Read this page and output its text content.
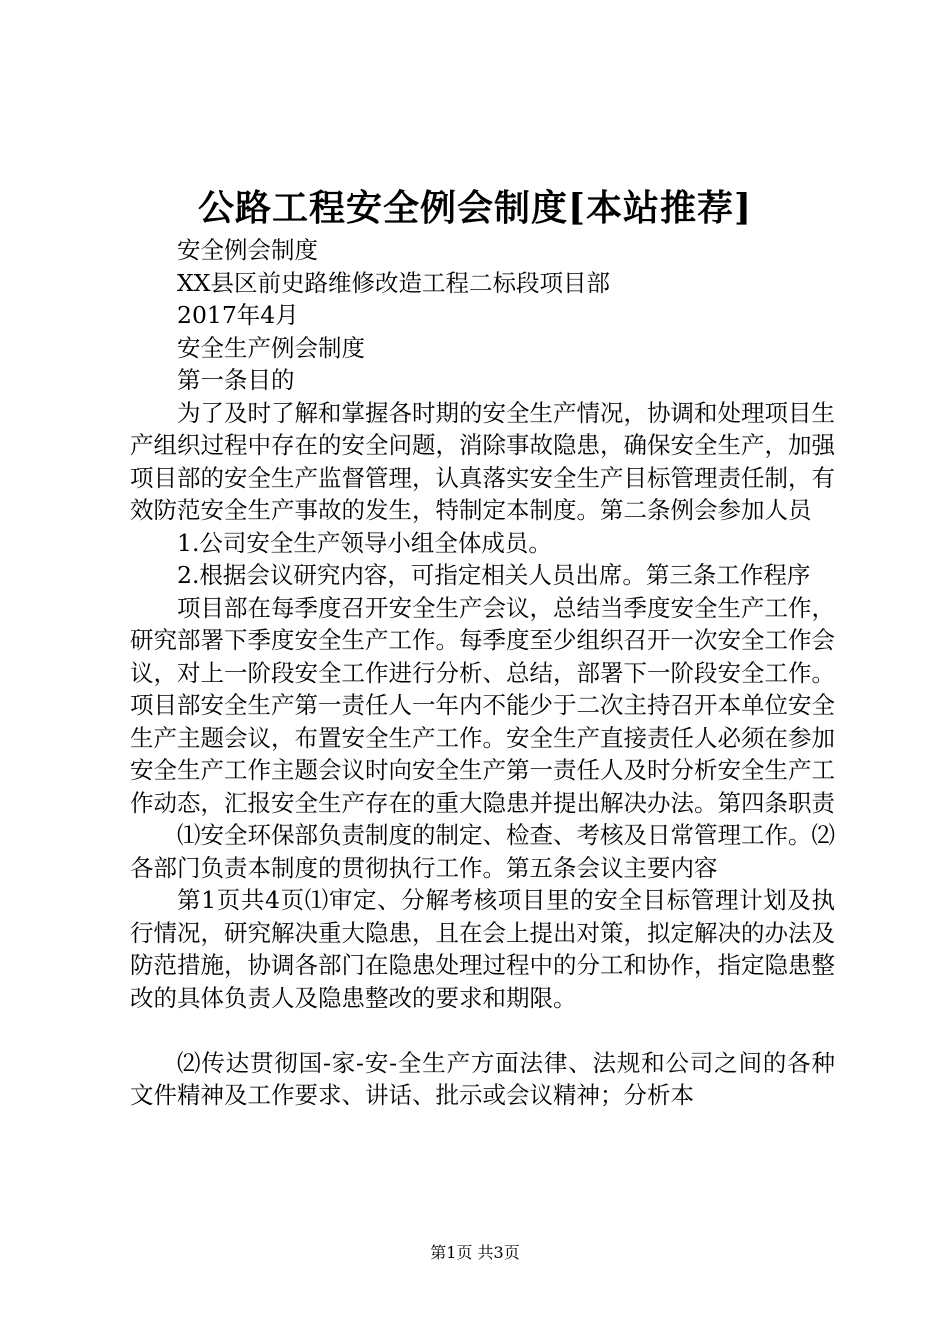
公路工程安全例会制度[本站推荐]

安全例会制度

XX县区前史路维修改造工程二标段项目部

2017年4月

安全生产例会制度

第一条目的

为了及时了解和掌握各时期的安全生产情况，协调和处理项目生产组织过程中存在的安全问题，消除事故隐患，确保安全生产，加强项目部的安全生产监督管理，认真落实安全生产目标管理责任制，有效防范安全生产事故的发生，特制定本制度。第二条例会参加人员

1.公司安全生产领导小组全体成员。

2.根据会议研究内容，可指定相关人员出席。第三条工作程序

项目部在每季度召开安全生产会议，总结当季度安全生产工作，研究部署下季度安全生产工作。每季度至少组织召开一次安全工作会议，对上一阶段安全工作进行分析、总结，部署下一阶段安全工作。项目部安全生产第一责任人一年内不能少于二次主持召开本单位安全生产主题会议，布置安全生产工作。安全生产直接责任人必须在参加安全生产工作主题会议时向安全生产第一责任人及时分析安全生产工作动态，汇报安全生产存在的重大隐患并提出解决办法。第四条职责

⑴安全环保部负责制度的制定、检查、考核及日常管理工作。⑵各部门负责本制度的贯彻执行工作。第五条会议主要内容

第1页共4页⑴审定、分解考核项目里的安全目标管理计划及执行情况，研究解决重大隐患，且在会上提出对策，拟定解决的办法及防范措施，协调各部门在隐患处理过程中的分工和协作，指定隐患整改的具体负责人及隐患整改的要求和期限。

⑵传达贯彻国-家-安-全生产方面法律、法规和公司之间的各种文件精神及工作要求、讲话、批示或会议精神；分析本

第1页 共3页
